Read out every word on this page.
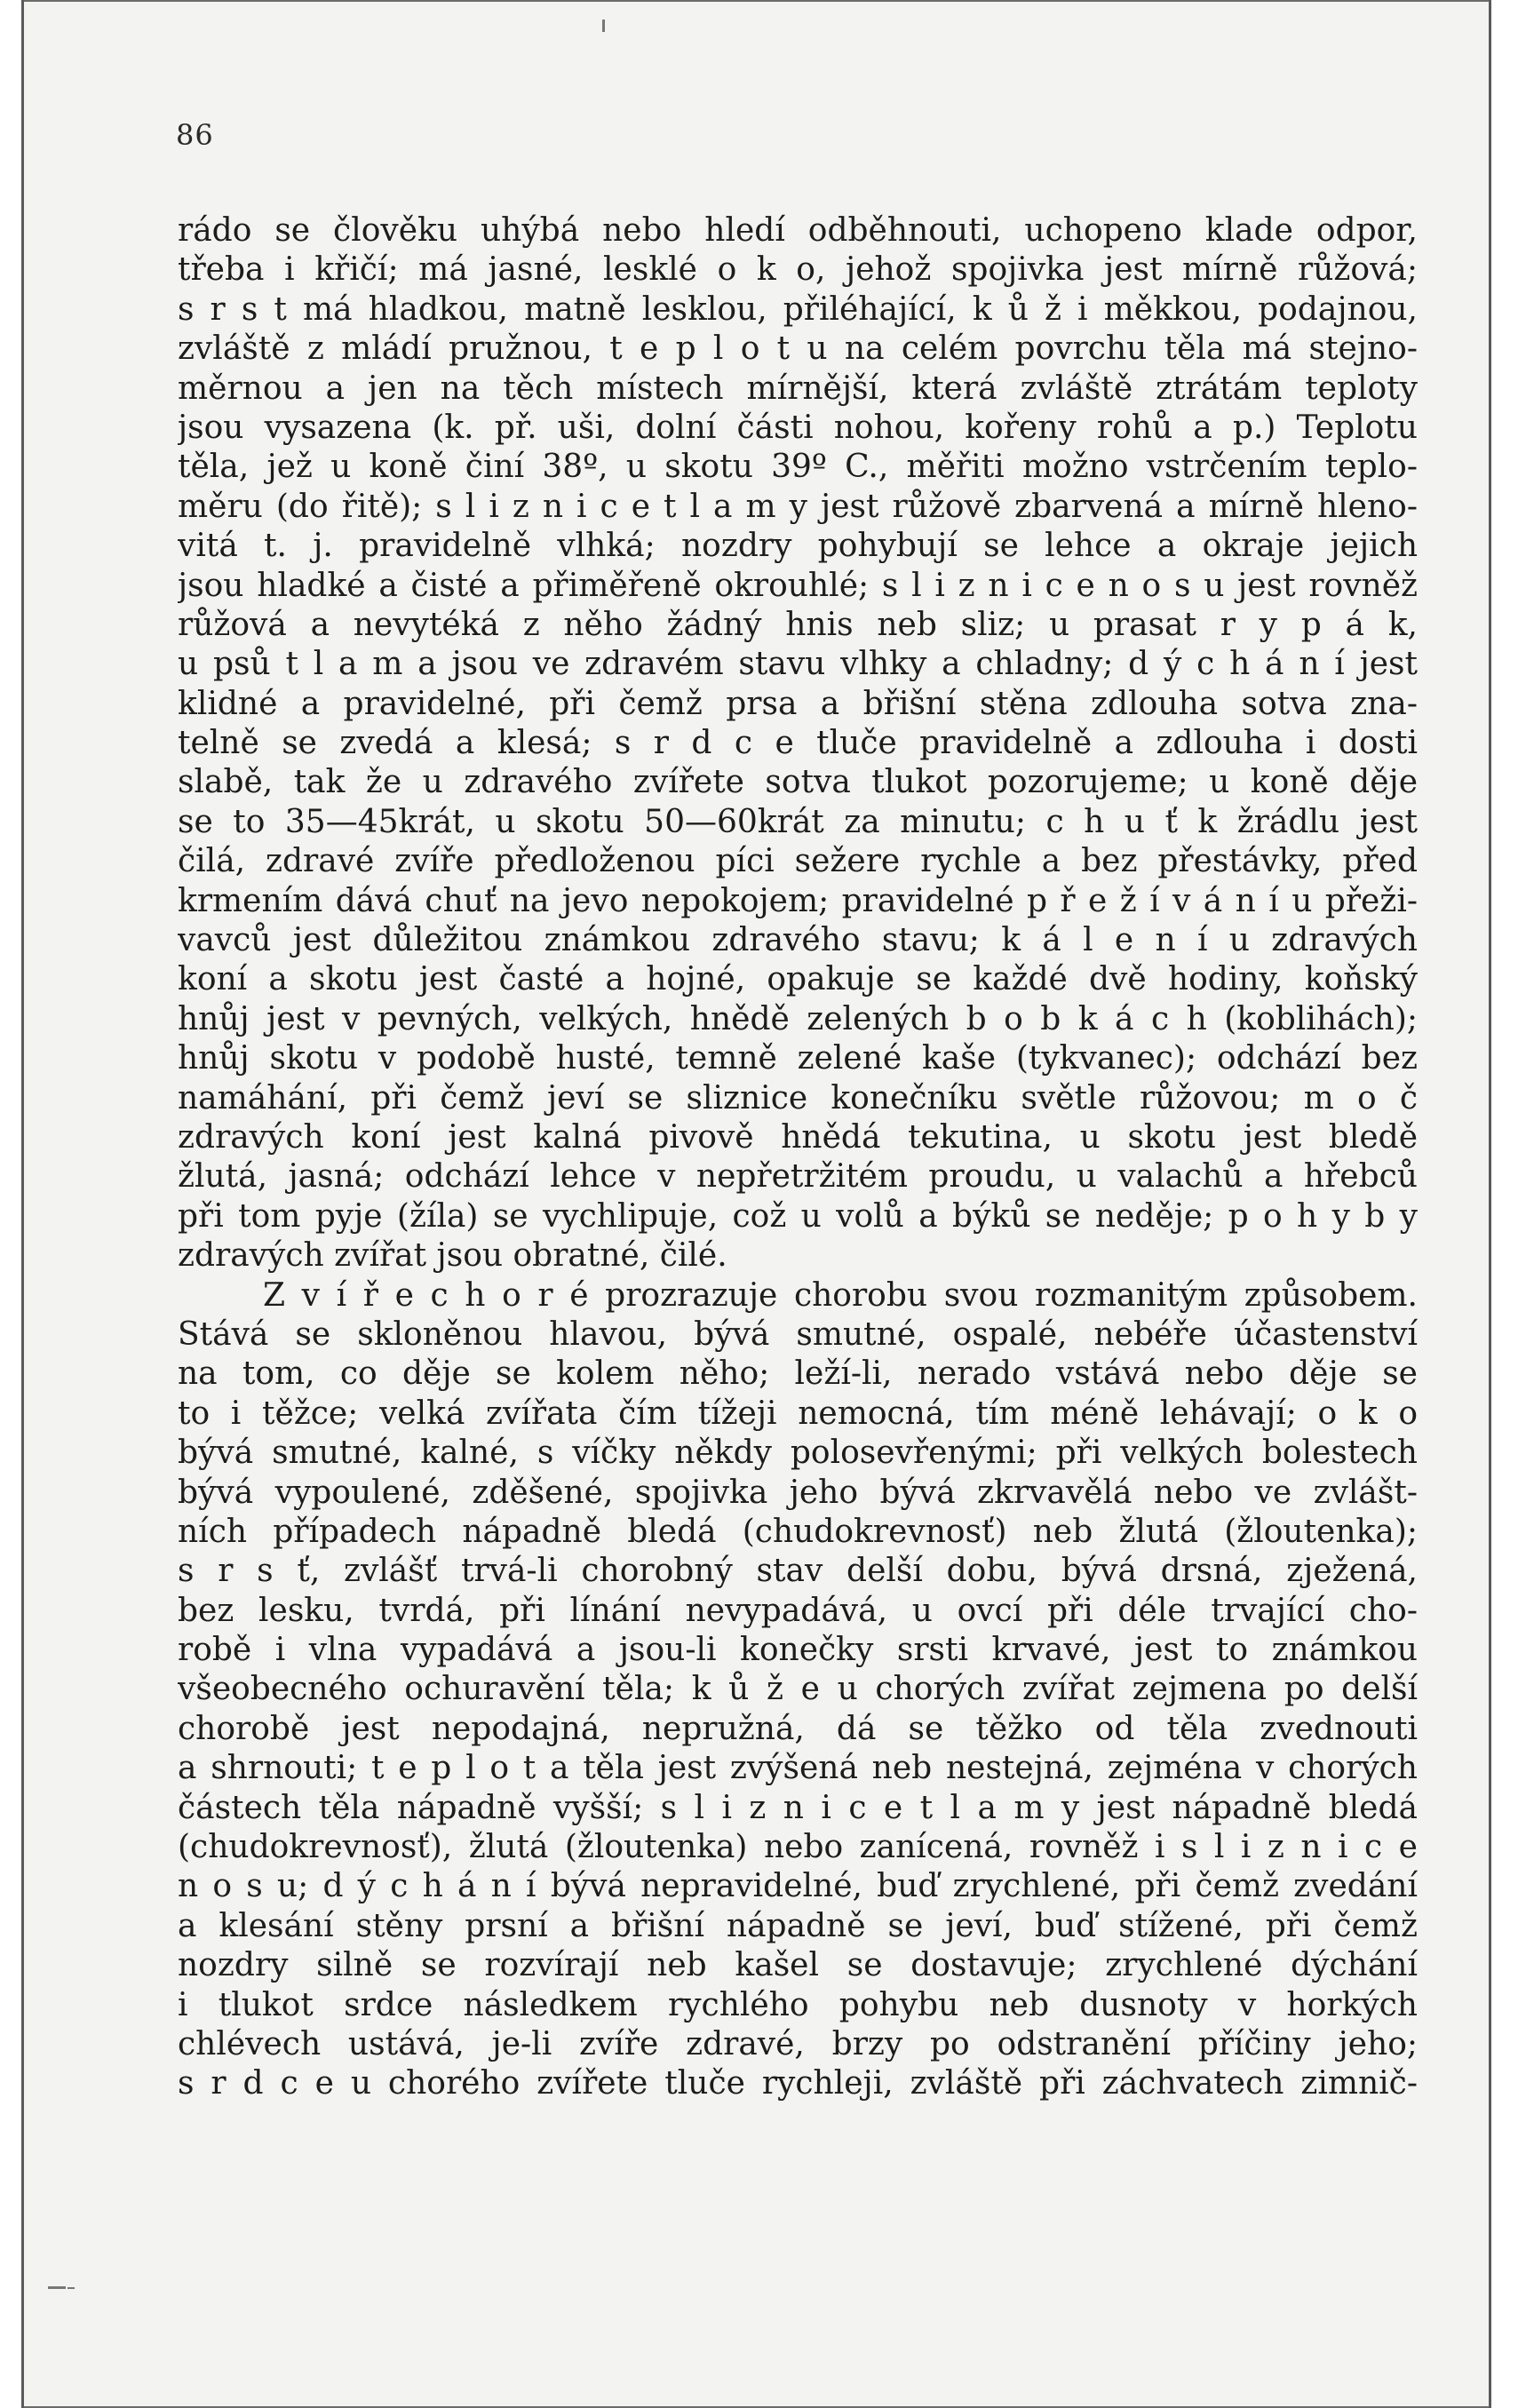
86
rádo se člověku uhýbá nebo hledí odběhnouti, uchopeno klade odpor,
třeba i křičí; má jasné, lesklé o k o, jehož spojivka jest mírně růžová;
s r s t má hladkou, matně lesklou, přiléhající, k ů ž i měkkou, podajnou,
zvláště z mládí pružnou, t e p l o t u na celém povrchu těla má stejno-
měrnou a jen na těch místech mírnější, která zvláště ztrátám teploty
jsou vysazena (k. př. uši, dolní části nohou, kořeny rohů a p.) Teplotu
těla, jež u koně činí 38º, u skotu 39º C., měřiti možno vstrčením teplo-
měru (do řitě); s l i z n i c e t l a m y jest růžově zbarvená a mírně hleno-
vitá t. j. pravidelně vlhká; nozdry pohybují se lehce a okraje jejich
jsou hladké a čisté a přiměřeně okrouhlé; s l i z n i c e n o s u jest rovněž
růžová a nevytéká z něho žádný hnis neb sliz; u prasat r y p á k,
u psů t l a m a jsou ve zdravém stavu vlhky a chladny; d ý c h á n í jest
klidné a pravidelné, při čemž prsa a břišní stěna zdlouha sotva zna-
telně se zvedá a klesá; s r d c e tluče pravidelně a zdlouha i dosti
slabě, tak že u zdravého zvířete sotva tlukot pozorujeme; u koně děje
se to 35—45krát, u skotu 50—60krát za minutu; c h u ť k žrádlu jest
čilá, zdravé zvíře předloženou píci sežere rychle a bez přestávky, před
krmením dává chuť na jevo nepokojem; pravidelné p ř e ž í v á n í u přeži-
vavců jest důležitou známkou zdravého stavu; k á l e n í u zdravých
koní a skotu jest časté a hojné, opakuje se každé dvě hodiny, koňský
hnůj jest v pevných, velkých, hnědě zelených b o b k á c h (koblihách);
hnůj skotu v podobě husté, temně zelené kaše (tykvanec); odchází bez
namáhání, při čemž jeví se sliznice konečníku světle růžovou; m o č
zdravých koní jest kalná pivově hnědá tekutina, u skotu jest bledě
žlutá, jasná; odchází lehce v nepřetržitém proudu, u valachů a hřebců
při tom pyje (žíla) se vychlipuje, což u volů a býků se neděje; p o h y b y
zdravých zvířat jsou obratné, čilé.
Z v í ř e c h o r é prozrazuje chorobu svou rozmanitým způsobem.
Stává se skloněnou hlavou, bývá smutné, ospalé, nebéře účastenství
na tom, co děje se kolem něho; leží-li, nerado vstává nebo děje se
to i těžce; velká zvířata čím tížeji nemocná, tím méně lehávají; o k o
bývá smutné, kalné, s víčky někdy polosevřenými; při velkých bolestech
bývá vypoulené, zděšené, spojivka jeho bývá zkrvavělá nebo ve zvlášt-
ních případech nápadně bledá (chudokrevnosť) neb žlutá (žloutenka);
s r s ť, zvlášť trvá-li chorobný stav delší dobu, bývá drsná, zježená,
bez lesku, tvrdá, při línání nevypadává, u ovcí při déle trvající cho-
robě i vlna vypadává a jsou-li konečky srsti krvavé, jest to známkou
všeobecného ochuravění těla; k ů ž e u chorých zvířat zejmena po delší
chorobě jest nepodajná, nepružná, dá se těžko od těla zvednouti
a shrnouti; t e p l o t a těla jest zvýšená neb nestejná, zejména v chorých
částech těla nápadně vyšší; s l i z n i c e t l a m y jest nápadně bledá
(chudokrevnosť), žlutá (žloutenka) nebo zanícená, rovněž i s l i z n i c e
n o s u; d ý c h á n í bývá nepravidelné, buď zrychlené, při čemž zvedání
a klesání stěny prsní a břišní nápadně se jeví, buď stížené, při čemž
nozdry silně se rozvírají neb kašel se dostavuje; zrychlené dýchání
i tlukot srdce následkem rychlého pohybu neb dusnoty v horkých
chlévech ustává, je-li zvíře zdravé, brzy po odstranění příčiny jeho;
s r d c e u chorého zvířete tluče rychleji, zvláště při záchvatech zimnič-
